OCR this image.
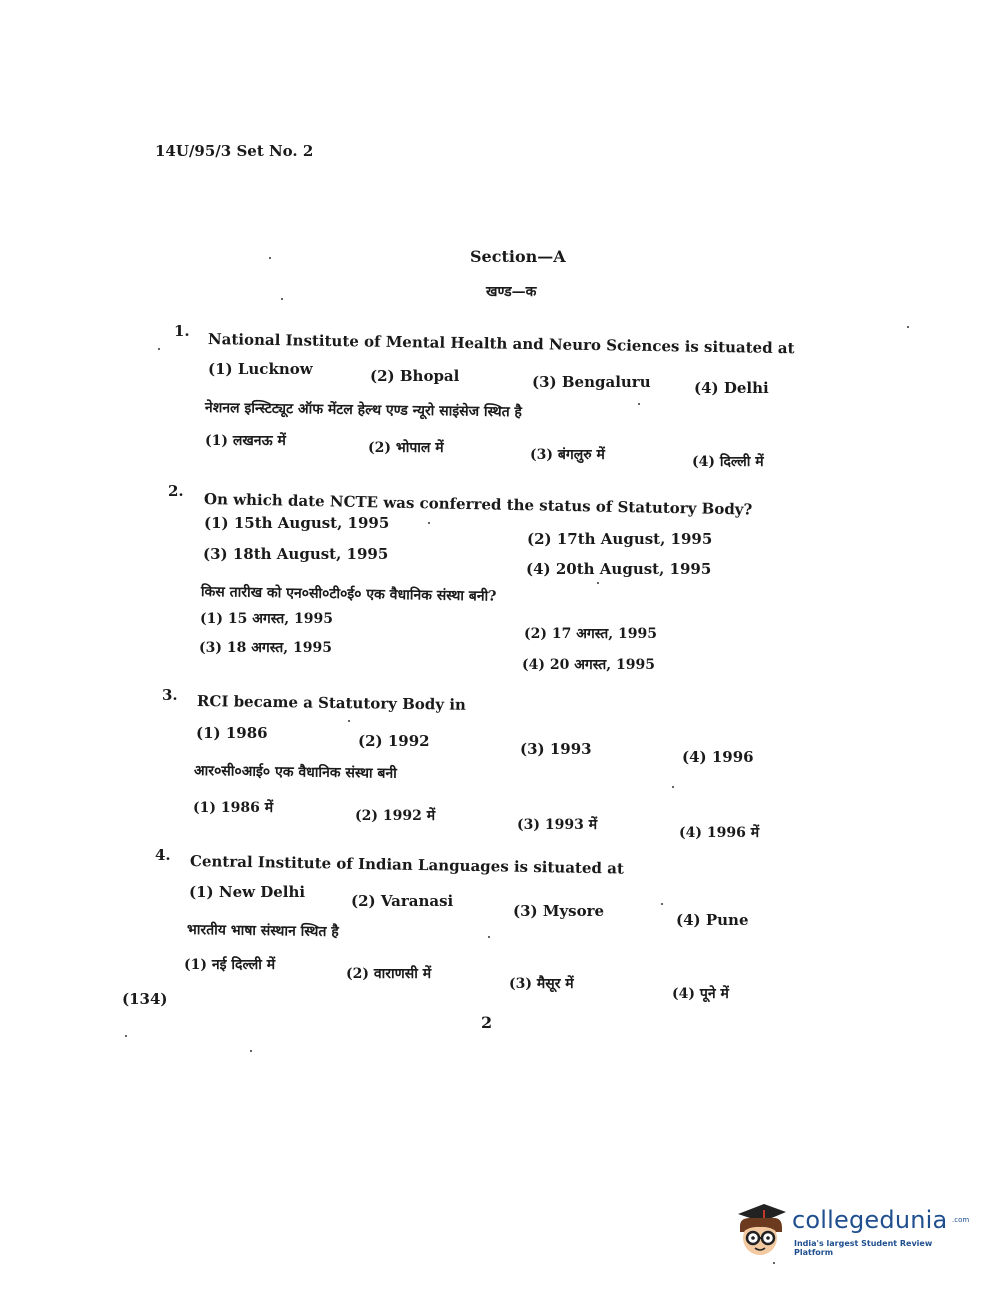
14U/95/3 Set No. 2
Section—A
खण्ड—क
1. National Institute of Mental Health and Neuro Sciences is situated at
(1) Lucknow	(2) Bhopal	(3) Bengaluru	(4) Delhi
नेशनल इन्स्टिट्यूट ऑफ मेंटल हेल्थ एण्ड न्यूरो साइंसेज स्थित है
(1) लखनऊ में	(2) भोपाल में	(3) बंगलुरु में	(4) दिल्ली में
2. On which date NCTE was conferred the status of Statutory Body?
(1) 15th August, 1995
(2) 17th August, 1995
(3) 18th August, 1995
(4) 20th August, 1995
किस तारीख को एन०सी०टी०ई० एक वैधानिक संस्था बनी?
(1) 15 अगस्त, 1995
(2) 17 अगस्त, 1995
(3) 18 अगस्त, 1995
(4) 20 अगस्त, 1995
3. RCI became a Statutory Body in
(1) 1986	(2) 1992	(3) 1993	(4) 1996
आर०सी०आई० एक वैधानिक संस्था बनी
(1) 1986 में	(2) 1992 में
(3) 1993 में	(4) 1996 में
4. Central Institute of Indian Languages is situated at
(1) New Delhi	(2) Varanasi
(3) Mysore	(4) Pune
भारतीय भाषा संस्थान स्थित है
(1) नई दिल्ली में
(2) वाराणसी में
(3) मैसूर में
(4) पूने में
(134)
2
collegedunia .com
India's largest Student Review Platform
